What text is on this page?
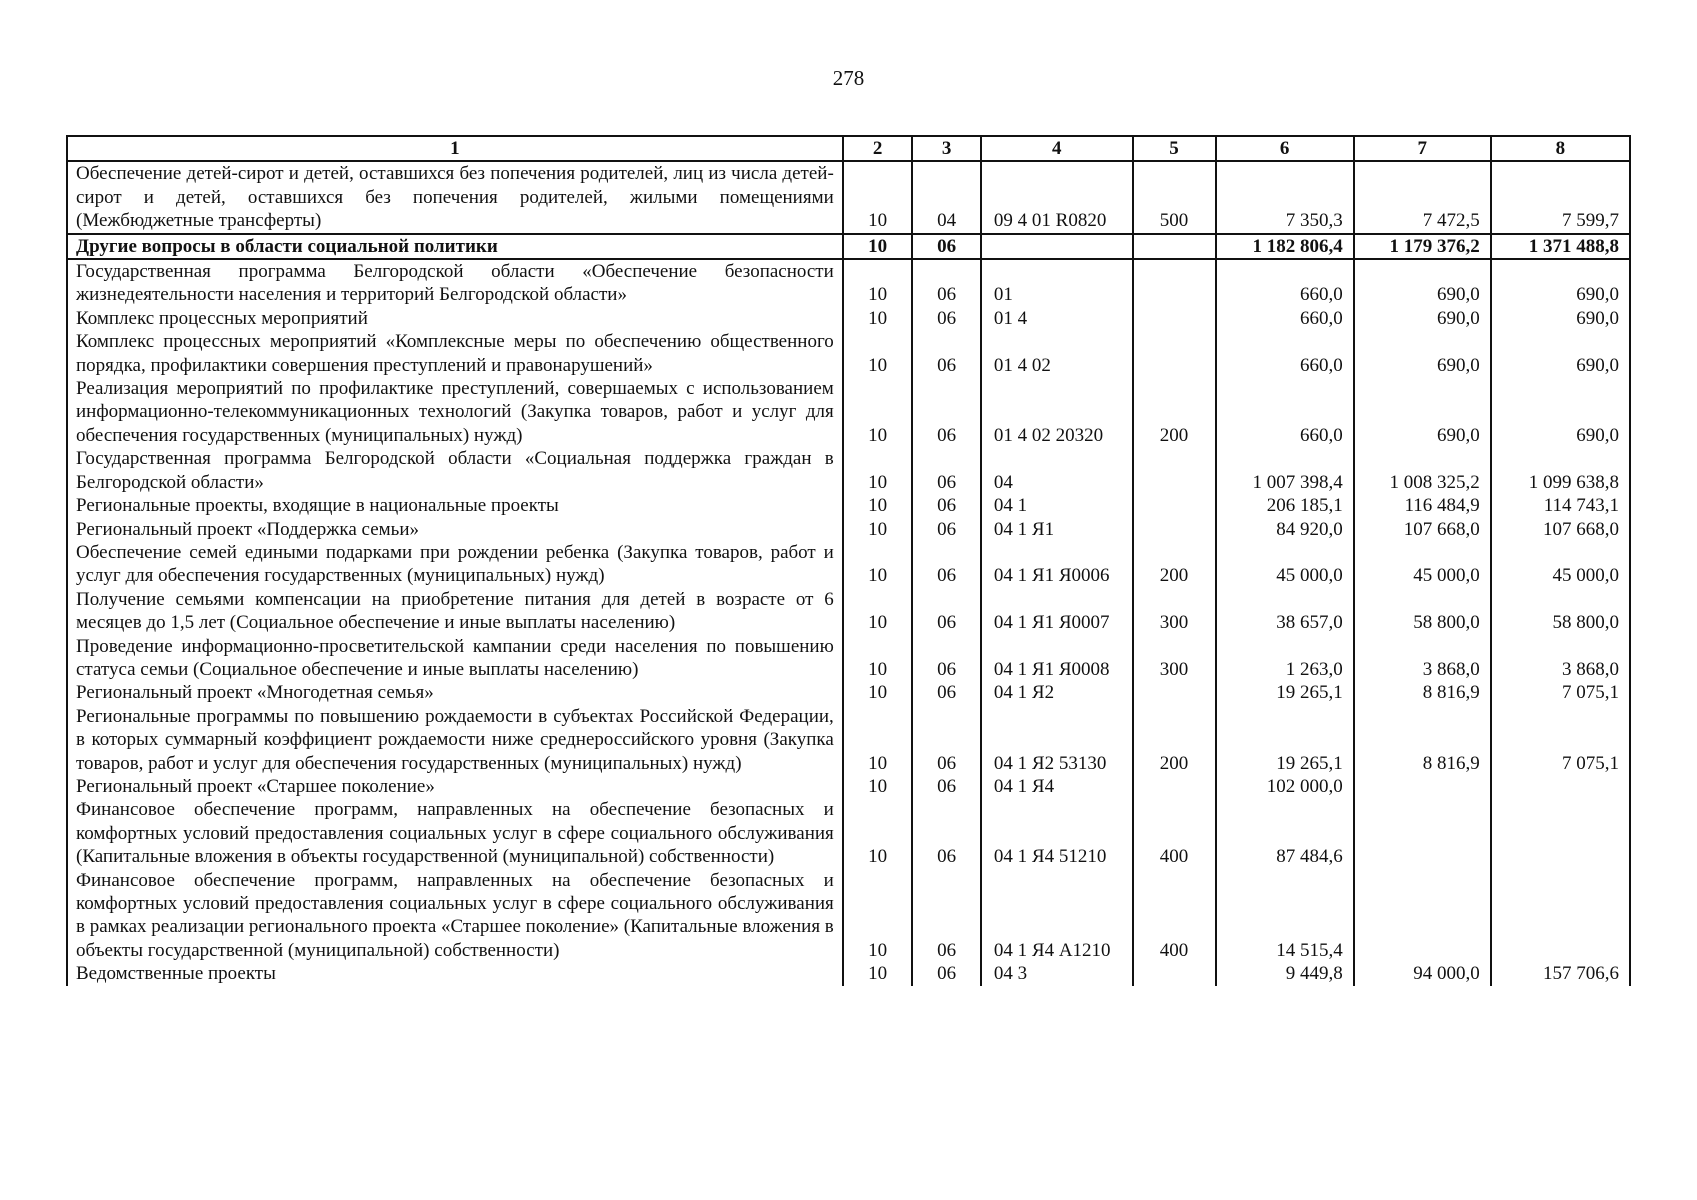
278
1	2	3	4	5	6	7	8
Обеспечение детей-сирот и детей, оставшихся без попечения родителей, лиц из числа детей-сирот и детей, оставшихся без попечения родителей, жилыми помещениями (Межбюджетные трансферты)	10	04	09 4 01 R0820	500	7 350,3	7 472,5	7 599,7
Другие вопросы в области социальной политики	10	06			1 182 806,4	1 179 376,2	1 371 488,8
Государственная программа Белгородской области «Обеспечение безопасности жизнедеятельности населения и территорий Белгородской области»	10	06	01		660,0	690,0	690,0
Комплекс процессных мероприятий	10	06	01 4		660,0	690,0	690,0
Комплекс процессных мероприятий «Комплексные меры по обеспечению общественного порядка, профилактики совершения преступлений и правонарушений»	10	06	01 4 02		660,0	690,0	690,0
Реализация мероприятий по профилактике преступлений, совершаемых с использованием информационно-телекоммуникационных технологий (Закупка товаров, работ и услуг для обеспечения государственных (муниципальных) нужд)	10	06	01 4 02 20320	200	660,0	690,0	690,0
Государственная программа Белгородской области «Социальная поддержка граждан в Белгородской области»	10	06	04		1 007 398,4	1 008 325,2	1 099 638,8
Региональные проекты, входящие в национальные проекты	10	06	04 1		206 185,1	116 484,9	114 743,1
Региональный проект «Поддержка семьи»	10	06	04 1 Я1		84 920,0	107 668,0	107 668,0
Обеспечение семей едиными подарками при рождении ребенка (Закупка товаров, работ и услуг для обеспечения государственных (муниципальных) нужд)	10	06	04 1 Я1 Я0006	200	45 000,0	45 000,0	45 000,0
Получение семьями компенсации на приобретение питания для детей в возрасте от 6 месяцев до 1,5 лет (Социальное обеспечение и иные выплаты населению)	10	06	04 1 Я1 Я0007	300	38 657,0	58 800,0	58 800,0
Проведение информационно-просветительской кампании среди населения по повышению статуса семьи (Социальное обеспечение и иные выплаты населению)	10	06	04 1 Я1 Я0008	300	1 263,0	3 868,0	3 868,0
Региональный проект «Многодетная семья»	10	06	04 1 Я2		19 265,1	8 816,9	7 075,1
Региональные программы по повышению рождаемости в субъектах Российской Федерации, в которых суммарный коэффициент рождаемости ниже среднероссийского уровня (Закупка товаров, работ и услуг для обеспечения государственных (муниципальных) нужд)	10	06	04 1 Я2 53130	200	19 265,1	8 816,9	7 075,1
Региональный проект «Старшее поколение»	10	06	04 1 Я4		102 000,0		
Финансовое обеспечение программ, направленных на обеспечение безопасных и комфортных условий предоставления социальных услуг в сфере социального обслуживания (Капитальные вложения в объекты государственной (муниципальной) собственности)	10	06	04 1 Я4 51210	400	87 484,6		
Финансовое обеспечение программ, направленных на обеспечение безопасных и комфортных условий предоставления социальных услуг в сфере социального обслуживания в рамках реализации регионального проекта «Старшее поколение» (Капитальные вложения в объекты государственной (муниципальной) собственности)	10	06	04 1 Я4 А1210	400	14 515,4		
Ведомственные проекты	10	06	04 3		9 449,8	94 000,0	157 706,6
